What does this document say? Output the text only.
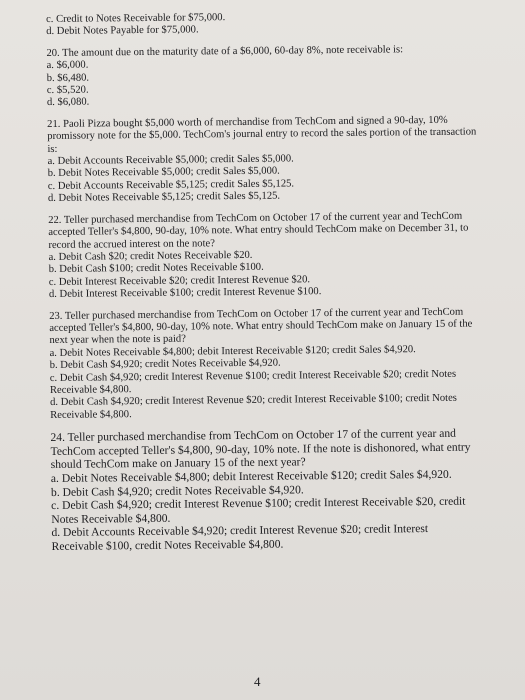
c. Credit to Notes Receivable for $75,000.

d. Debit Notes Payable for $75,000.

20. The amount due on the maturity date of a $6,000, 60-day 8%, note receivable is:

a. $6,000.

b. $6,480.

c. $5,520.

d. $6,080.

21. Paoli Pizza bought $5,000 worth of merchandise from TechCom and signed a 90-day, 10% promissory note for the $5,000. TechCom's journal entry to record the sales portion of the transaction is:

a. Debit Accounts Receivable $5,000; credit Sales $5,000.

b. Debit Notes Receivable $5,000; credit Sales $5,000.

c. Debit Accounts Receivable $5,125; credit Sales $5,125.

d. Debit Notes Receivable $5,125; credit Sales $5,125.

22. Teller purchased merchandise from TechCom on October 17 of the current year and TechCom accepted Teller's $4,800, 90-day, 10% note. What entry should TechCom make on December 31, to record the accrued interest on the note?

a. Debit Cash $20; credit Notes Receivable $20.

b. Debit Cash $100; credit Notes Receivable $100.

c. Debit Interest Receivable $20; credit Interest Revenue $20.

d. Debit Interest Receivable $100; credit Interest Revenue $100.

23. Teller purchased merchandise from TechCom on October 17 of the current year and TechCom accepted Teller's $4,800, 90-day, 10% note. What entry should TechCom make on January 15 of the next year when the note is paid?

a. Debit Notes Receivable $4,800; debit Interest Receivable $120; credit Sales $4,920.

b. Debit Cash $4,920; credit Notes Receivable $4,920.

c. Debit Cash $4,920; credit Interest Revenue $100; credit Interest Receivable $20; credit Notes Receivable $4,800.

d. Debit Cash $4,920; credit Interest Revenue $20; credit Interest Receivable $100; credit Notes Receivable $4,800.

24. Teller purchased merchandise from TechCom on October 17 of the current year and TechCom accepted Teller's $4,800, 90-day, 10% note. If the note is dishonored, what entry should TechCom make on January 15 of the next year?

a. Debit Notes Receivable $4,800; debit Interest Receivable $120; credit Sales $4,920.

b. Debit Cash $4,920; credit Notes Receivable $4,920.

c. Debit Cash $4,920; credit Interest Revenue $100; credit Interest Receivable $20, credit Notes Receivable $4,800.

d. Debit Accounts Receivable $4,920; credit Interest Revenue $20; credit Interest Receivable $100, credit Notes Receivable $4,800.

4
